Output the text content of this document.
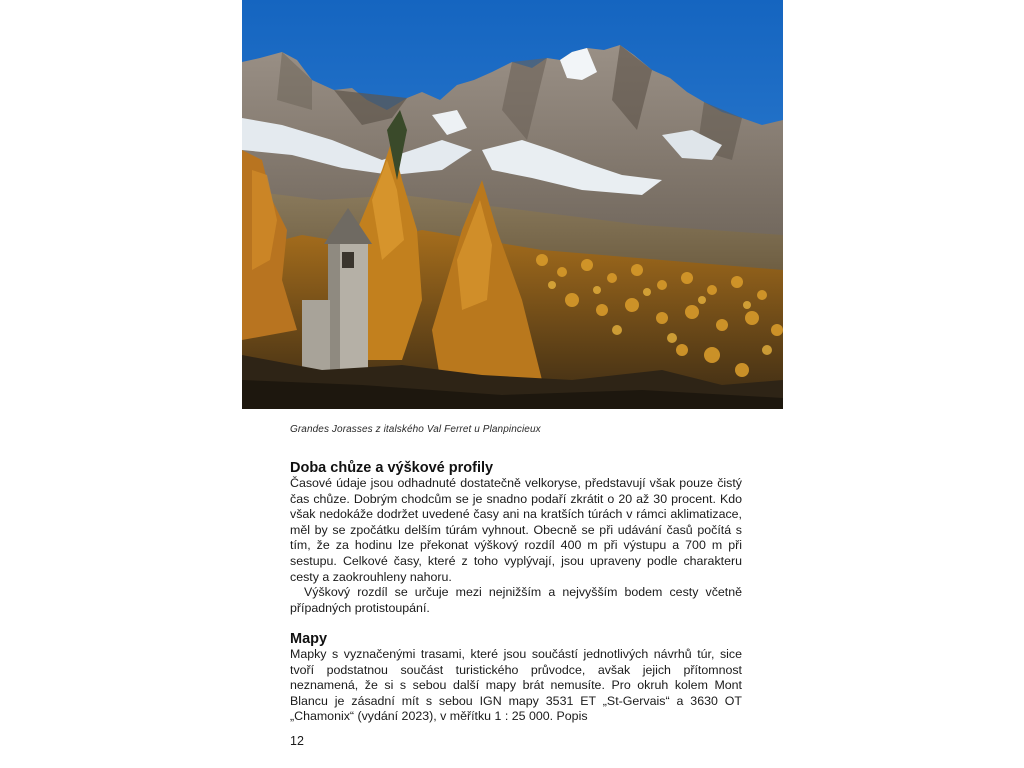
Grandes Jorasses z italského Val Ferret u Planpincieux
Doba chůze a výškové profily

Časové údaje jsou odhadnuté dostatečně velkoryse, představují však pouze čistý čas chůze. Dobrým chodcům se je snadno podaří zkrátit o 20 až 30 procent. Kdo však nedokáže dodržet uvedené časy ani na kratších túrách v rámci aklimatizace, měl by se zpočátku delším túrám vyhnout. Obecně se při udávání časů počítá s tím, že za hodinu lze překonat výškový rozdíl 400 m při výstupu a 700 m při sestupu. Celkové časy, které z toho vyplývají, jsou upraveny podle charakteru cesty a zaokrouhleny nahoru.

Výškový rozdíl se určuje mezi nejnižším a nejvyšším bodem cesty včetně případných protistoupání.

Mapy

Mapky s vyznačenými trasami, které jsou součástí jednotlivých návrhů túr, sice tvoří podstatnou součást turistického průvodce, avšak jejich přítomnost neznamená, že si s sebou další mapy brát nemusíte. Pro okruh kolem Mont Blancu je zásadní mít s sebou IGN mapy 3531 ET „St-Gervais“ a 3630 OT „Chamonix“ (vydání 2023), v měřítku 1 : 25 000. Popis

12
